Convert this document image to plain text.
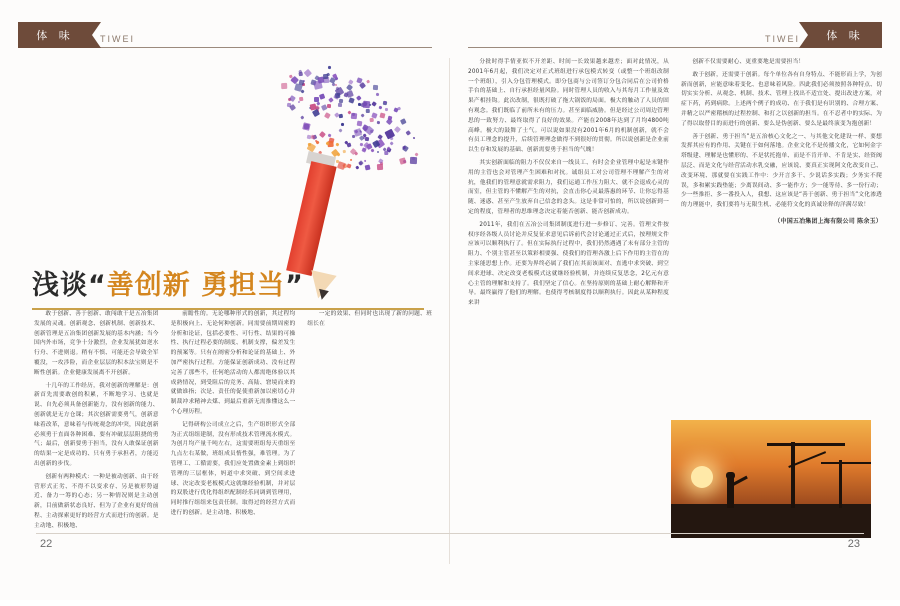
体 味	TIWEI	体 味
TIWEI
浅谈“善创新 勇担当”

敢于创新、善于创新、敢闯敢干是五冶集团发展的灵魂。创新观念、创新机制、创新技术、创新管理是五冶集团创新发展的基本内涵；当今国内外市场，竞争十分激烈，企业发展犹如逆水行舟、不进则退。稍有不慎、可能还会导致全军覆没，一攻涉险，而企业层层的积本法宝则是不断性创新。企业健康发展离不开创新。

十几年的工作经历，我对创新的理解是：创新首先需要敢创的积累，不断地学习、也就是说、自先必须具备创新能力，没有创新的能力、创新就是无方仓课；其次创新需要勇气，创新意味着改革，意味着与传统观念的冲突，因此创新必须勇于直面各种困难、要有冲破层层阻挠的勇气；最后，创新要勇于担当，没有人敢保证创新的结果一定是成功的、只有勇于承担者，方能迈出创新的步伐。

创新有两种模式：一种是被动创新、由于经营形式正劣、不得不以变求存、另是被形势逼近、备力一筹的心态；另一种情况则是主动创新，目前做新状态良好、但为了企业有更好的前程、主动探索更好的经营方式而进行的创新。是主动地、积极地、

前瞻性的。无论哪种形式的创新，其过程均是积极向上、无论何种创新。同需要前期周密的分析和论证，包括必要性、可行性、结果的可操性、执行过程必要的制度、机制支撑，偏差发生的预案等。只有在阐密分析和论证的基础上、外加严密执行过程。方能保证创新成功、没有过程完善了那些不，任何绝活动的人都需绝体验以其成熟情况，到受阻后的竞务、高陆、窘境而来的就做谁指；次是、责任的促使重新加以密切心并制裁冲求精神去煤、到最后重新无需推懂这么一个心理历程。

记得研构公司成立之后，生产组织形式全部为正式组组建制，没有形成技术管理流水模式。为创月均产量千吨左右，这需要班组每天重组至九点左右某做，班组成员惰性强，难管理。为了管理工、工循需要，我们应处置做金素上到组织管理的三层框体，妈道中求突破、到空间求进球、决定改变老板模式这就继经验机制，并对层的双股进行优化得组织配制经乐同调到管理用，同时推行组组来包责任制。取得过的经营方式而进行的创新。是主动地、积极地、

一定的效果、但同时也出现了新的问题、班组长在

22

分批时得手情亚似不开差距、时间一长效果越来越差；面对此情况，从2001年6月起，我们决定对正式班组进行承包模式转变（或整一个班组改制一个班组），引入分包管理模式。即分包商与公司签订分包合同后在公司价格手台的基础上、自行承担经量风险。同时管理人员的收入与其每月工作量及效果产相挂钩。此次改制，很既打破了拖大锅饭的局面。极大的触动了人员的固有观念。我们既临了前所未有的压力。甚至面临威胁。但是经过公司周边管理思的一致努力、最终取得了良好的效果。产能在2008年达到了月均4800吨高峰。极大的鼓舞了士气。可以说如果没有2001年6月的机制创新，就不会有员工理念的提升，后续管理理念做得不到很好的贯彻。所以说创新是企业前以生存和发展的基础、创新需要勇于担当的气魄！

其实创新面临的阻力不仅仅来自一线员工、有时会企业管理中起是末键作用的主管也会对管理产生困难和对抗。诚组员工对公司管理不理解产生的对抗，他我们的管理意就需求阻力，我们运通工作压力阻大、就不会退成心灵的而室，但主管的不懂解产生的对抗，会直击你心灵最落惠的环节、让你忘得基随、迷惑、甚至产生放弃自己信念的念头。这是非常可怕的，所以说创新到一定的程度，管理者的思维理念决定着能否创新、能否创新成功。

2011年，我们在五冶公司集团制度进行进一步修订、完善。管理文件按权序经各级人员讨论并反复征求意见后诉前代会讨论通过正式后，按理规文件应该可以顺利执行了。但在实际执行过程中，我们仍然遇遇了未有部分主管的阻力、个别主管甚至以策彩相要强、使我们的管理各激上后下作用的主管在的主家能思想上作。还要为界终必属了我们在其而该面对、直逃中求突破、到空间求进球、决定改变老板模式这就继经验机制，并连续反复思念，2亿元有意心主管的理解和支持了。我们坚定了信心。在坚持原则的基础上耐心解释和开导。最终赢得了他们的理解。也使得考核制度得以顺利执行。因此从某种程度来讲

创新不仅需要耐心、更重要地是需要担当！

敢于创新，还需要于创新。每个单位各有自身特点、不能形而上学，为创新而创新，应能意味着变化、也意味着风险。四此我们必须按照各种特点、切切实实分析、从观念、机制、技术、管理上找出不适宜处、提出改进方案，对症下药，药到病除。上述两个例子的成功、在于我们是有识别的、合理方案、并精之以严密稽核的过程控制、和打之以创新的担当。在不忍者中的实际、为了得以取替目的而进行的创新、要么是伪创新、要么是最终演变为抱创新！

善于创新、勇于担当”是五治核心文化之一、与其他文化建设一样、要想发挥其应有的作用、关键在于如何落地。企业文化不是传播文化，它如何金字塔级建、理解是也懂形的、不是状托抱单、而是不肯开单、不肯是实、经资阀层泛、而是文化与经营活动水乳交融，应该说、要真正实现阿文化改变自己、改变环境、那就要在实践工作中：少开言多干、少说话多实践；少务实不爬误，多和累实践垫能；少离误间动、多一能作方；少一能等待、多一份行动；少一些推拒、多一番投入人，我想、这应该是“善于创新、勇于担当”文化渗透的力理能中，我们要将与无限生机、必能符文化的真诚诠释的洋满尽致！

（中国五冶集团上海有限公司 陈余玉）
23
